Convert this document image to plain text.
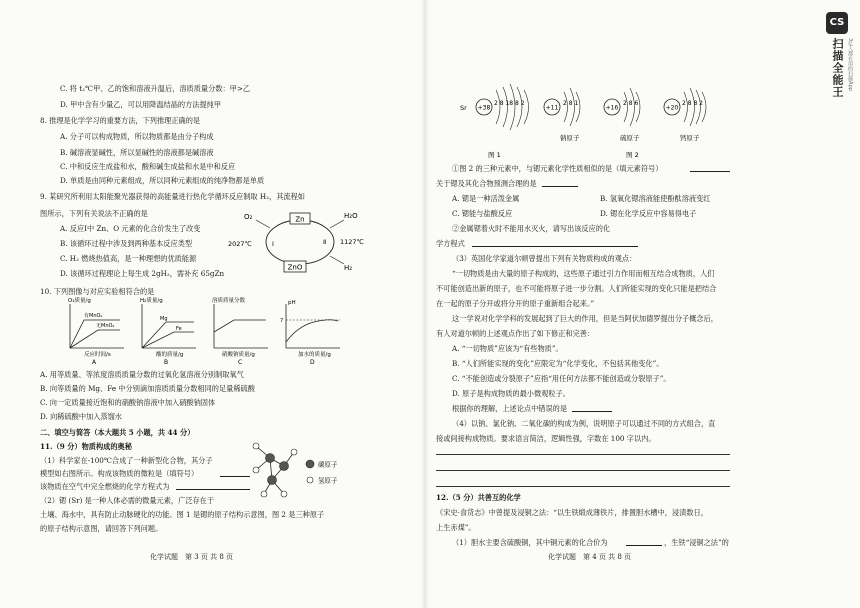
C. 将 t₂℃甲、乙的饱和溶液升温后，溶质质量分数：甲>乙
D. 甲中含有少量乙，可以用降温结晶的方法提纯甲
8. 推理是化学学习的重要方法，下列推理正确的是
A. 分子可以构成物质，所以物质都是由分子构成
B. 碱溶液显碱性，所以显碱性的溶液都是碱溶液
C. 中和反应生成盐和水，酸和碱生成盐和水是中和反应
D. 单质是由同种元素组成，所以同种元素组成的纯净物都是单质
9. 某研究所利用太阳能聚光器获得的高能量进行热化学循环反应制取 H₂，其流程如
图所示，下列有关说法不正确的是
A. 反应Ⅰ中 Zn、O 元素的化合价发生了改变
B. 该循环过程中涉及到两种基本反应类型
C. H₂ 燃烧热值高，是一种理想的优质能源
D. 该循环过程理论上每生成 2gH₂，需补充 65gZn
Zn
ZnO
O₂	H₂O
H₂
2027℃	1127℃
Ⅰ	Ⅱ
10. 下列图像与对应实验相符合的是
O₂质量/g
反应时间/s
A
有MnO₂
无MnO₂
H₂质量/g
酸的质量/g
B
Mg
Fe
溶质质量分数
硝酸钠质量/g
C
pH
加水的质量/g
D
7
A. 用等质量、等浓度溶质质量分数的过氧化氢溶液分别制取氧气
B. 向等质量的 Mg、Fe 中分别滴加溶质质量分数相同的足量稀硫酸
C. 向一定质量接近饱和的硝酸钠溶液中加入硝酸钠固体
D. 向稀硫酸中加入蒸馏水
二、填空与简答（本大题共 5 小题，共 44 分）
11.（9 分）物质构成的奥秘
（1）科学家在-100℃合成了一种新型化合物，其分子
模型如右图所示。构成该物质的微粒是（填符号）
该物质在空气中完全燃烧的化学方程式为
碳原子
氢原子
（2）锶 (Sr) 是一种人体必需的微量元素，广泛存在于
土壤、海水中，具有防止动脉硬化的功能。图 1 是锶的原子结构示意图，图 2 是三种原子
的原子结构示意图，请回答下列问题。
化学试题　第 3 页 共 8 页
Sr +38
2 8 18 8 2
+11
2 8 1
钠原子
+16
2 8 6
硫原子
+20
2 8 8 2
钙原子
图 1	图 2
①图 2 的三种元素中，与锶元素化学性质相似的是（填元素符号）
关于锶及其化合物预测合理的是
A. 锶是一种活泼金属	B. 氢氧化锶溶液能使酚酞溶液变红
C. 锶能与盐酸反应	D. 锶在化学反应中容易得电子
②金属锶着火时不能用水灭火，请写出该反应的化
学方程式
（3）英国化学家道尔顿曾提出下列有关物质构成的观点：
“一切物质是由大量的原子构成的，这些原子通过引力作用而相互结合成物质，人们
不可能创造出新的原子，也不可能将原子进一步分割。人们所能实现的变化只能是把结合
在一起的原子分开或将分开的原子重新组合起来。”
这一学说对化学学科的发展起到了巨大的作用，但是当阿伏加德罗提出分子概念后，
有人对道尔顿的上述观点作出了如下修正和完善：
A. “一切物质”应该为“有些物质”。
B. “人们所能实现的变化”应限定为“化学变化，不包括其他变化”。
C. “不能创造或分裂原子”应指“用任何方法都不能创造或分裂原子”。
D. 原子是构成物质的最小微观粒子。
根据你的理解，上述论点中错误的是
（4）以钠、氯化钠、二氧化碳的构成为例，说明原子可以通过不同的方式组合，直
接或间接构成物质。要求语言简洁，逻辑性强，字数在 100 字以内。
12.（5 分）共善互的化学
《宋史·食货志》中曾提及浸铜之法：“以生铁煅成薄铁片，排置胆水槽中，浸渍数日，
上生赤煤”。
（1）胆水主要含硫酸铜，其中铜元素的化合价为	，生铁“浸铜之法”的
化学试题　第 4 页 共 8 页
CS
扫描全能王 3亿人都在用的扫描App
